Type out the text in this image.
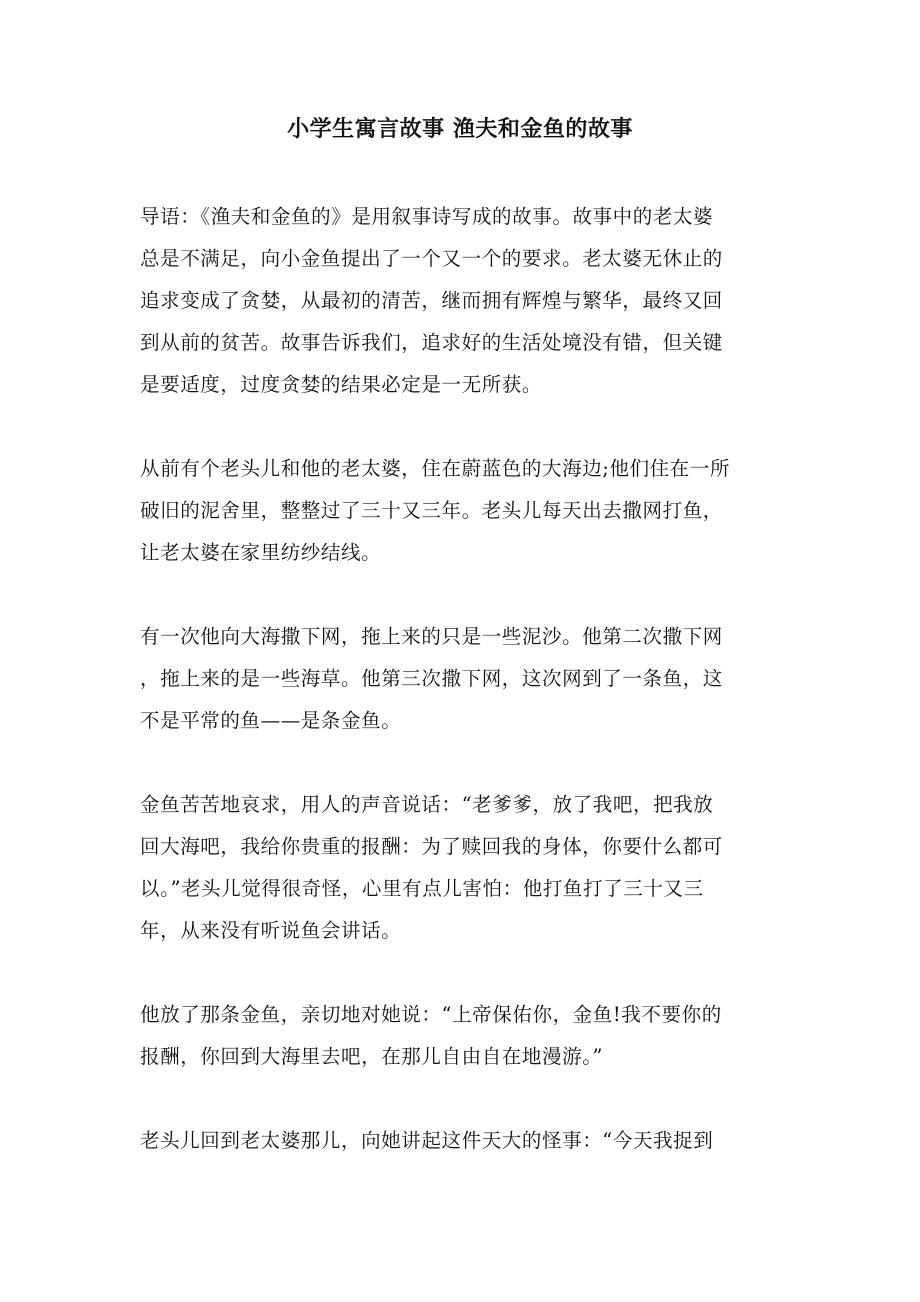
小学生寓言故事 渔夫和金鱼的故事
导语：《渔夫和金鱼的》是用叙事诗写成的故事。故事中的老太婆
总是不满足，向小金鱼提出了一个又一个的要求。老太婆无休止的
追求变成了贪婪，从最初的清苦，继而拥有辉煌与繁华，最终又回
到从前的贫苦。故事告诉我们，追求好的生活处境没有错，但关键
是要适度，过度贪婪的结果必定是一无所获。
从前有个老头儿和他的老太婆，住在蔚蓝色的大海边;他们住在一所
破旧的泥舍里，整整过了三十又三年。老头儿每天出去撒网打鱼，
让老太婆在家里纺纱结线。
有一次他向大海撒下网，拖上来的只是一些泥沙。他第二次撒下网
，拖上来的是一些海草。他第三次撒下网，这次网到了一条鱼，这
不是平常的鱼——是条金鱼。
金鱼苦苦地哀求，用人的声音说话：“老爹爹，放了我吧，把我放
回大海吧，我给你贵重的报酬：为了赎回我的身体，你要什么都可
以。”老头儿觉得很奇怪，心里有点儿害怕：他打鱼打了三十又三
年，从来没有听说鱼会讲话。
他放了那条金鱼，亲切地对她说：“上帝保佑你，金鱼!我不要你的
报酬，你回到大海里去吧，在那儿自由自在地漫游。”
老头儿回到老太婆那儿，向她讲起这件天大的怪事：“今天我捉到
